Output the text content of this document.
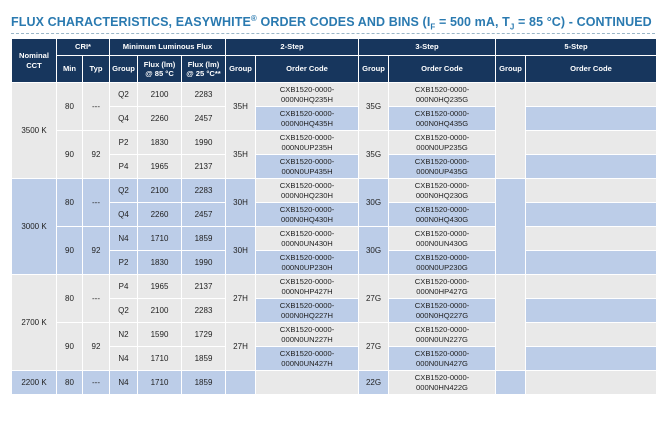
FLUX CHARACTERISTICS, EASYWHITE® ORDER CODES AND BINS ($I_F = 500$ mA, $T_J = 85$ °C) - CONTINUED
Nominal CCT	CRI*		Minimum Luminous Flux			2-Step		3-Step		5-Step	
	Min	Typ	Group	Flux (lm) @ 85 °C	Flux (lm) @ 25 °C**	Group	Order Code	Group	Order Code	Group	Order Code
3500 K	80	---	Q2	2100	2283	35H	CXB1520-0000-000N0HQ235H	35G	CXB1520-0000-000N0HQ235G		
			Q4	2260	2457		CXB1520-0000-000N0HQ435H		CXB1520-0000-000N0HQ435G		
	90	92	P2	1830	1990	35H	CXB1520-0000-000N0UP235H	35G	CXB1520-0000-000N0UP235G		
			P4	1965	2137		CXB1520-0000-000N0UP435H		CXB1520-0000-000N0UP435G		
3000 K	80	---	Q2	2100	2283	30H	CXB1520-0000-000N0HQ230H	30G	CXB1520-0000-000N0HQ230G		
			Q4	2260	2457		CXB1520-0000-000N0HQ430H		CXB1520-0000-000N0HQ430G		
	90	92	N4	1710	1859	30H	CXB1520-0000-000N0UN430H	30G	CXB1520-0000-000N0UN430G		
			P2	1830	1990		CXB1520-0000-000N0UP230H		CXB1520-0000-000N0UP230G		
2700 K	80	---	P4	1965	2137	27H	CXB1520-0000-000N0HP427H	27G	CXB1520-0000-000N0HP427G		
			Q2	2100	2283		CXB1520-0000-000N0HQ227H		CXB1520-0000-000N0HQ227G		
	90	92	N2	1590	1729	27H	CXB1520-0000-000N0UN227H	27G	CXB1520-0000-000N0UN227G		
			N4	1710	1859		CXB1520-0000-000N0UN427H		CXB1520-0000-000N0UN427G		
2200 K	80	---	N4	1710	1859			22G	CXB1520-0000-000N0HN422G		
